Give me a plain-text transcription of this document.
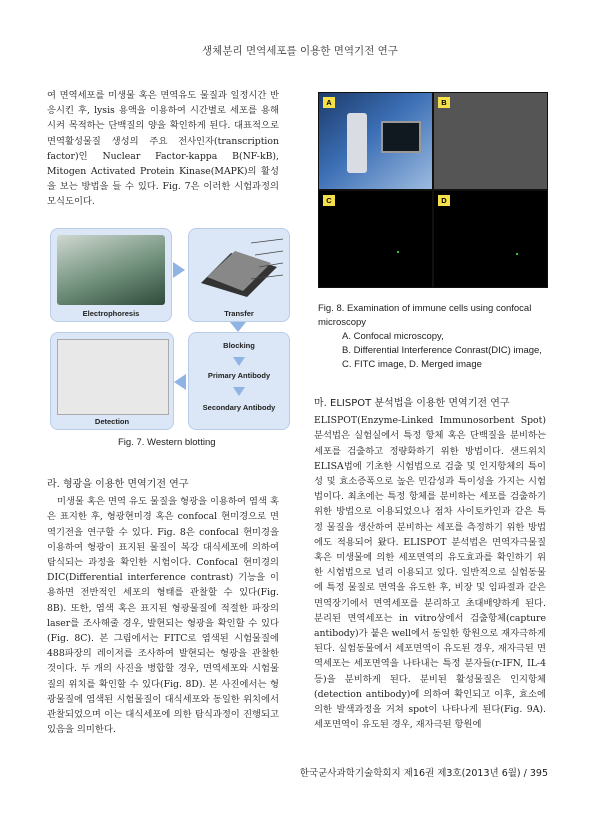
생체분리 면역세포를 이용한 면역기전 연구

여 면역세포를 미생물 혹은 면역유도 물질과 일정시간 반응시킨 후, lysis 용액을 이용하여 시간별로 세포를 용해시켜 목적하는 단백질의 양을 확인하게 된다. 대표적으로 면역활성물질 생성의 주요 전사인자(transcription factor)인 Nuclear Factor-kappa B(NF-kB), Mitogen Activated Protein Kinase(MAPK)의 활성을 보는 방법을 들 수 있다. Fig. 7은 이러한 시험과정의 모식도이다.

Electrophoresis	Transfer
Detection
Blocking
Primary Antibody
Secondary Antibody
Fig. 7. Western blotting

라. 형광을 이용한 면역기전 연구

미생물 혹은 면역 유도 물질을 형광을 이용하여 염색 혹은 표지한 후, 형광현미경 혹은 confocal 현미경으로 면역기전을 연구할 수 있다. Fig. 8은 confocal 현미경을 이용하여 형광이 표지된 물질이 복강 대식세포에 의하여 탐식되는 과정을 확인한 시험이다. Confocal 현미경의 DIC(Differential interference contrast) 기능을 이용하면 전반적인 세포의 형태를 관찰할 수 있다(Fig. 8B). 또한, 염색 혹은 표지된 형광물질에 적절한 파장의 laser를 조사해줄 경우, 발현되는 형광을 확인할 수 있다(Fig. 8C). 본 그림에서는 FITC로 염색된 시험물질에 488파장의 레이저를 조사하여 발현되는 형광을 관찰한 것이다. 두 개의 사진을 병합할 경우, 면역세포와 시험물질의 위치를 확인할 수 있다(Fig. 8D). 본 사진에서는 형광물질에 염색된 시험물질이 대식세포와 동일한 위치에서 관찰되었으며 이는 대식세포에 의한 탐식과정이 진행되고 있음을 의미한다.

A	B
C	D
Fig. 8. Examination of immune cells using confocal microscopy
A. Confocal microscopy,
B. Differential Interference Conrast(DIC) image,
C. FITC image, D. Merged image

마. ELISPOT 분석법을 이용한 면역기전 연구

ELISPOT(Enzyme-Linked Immunosorbent Spot) 분석법은 실험실에서 특정 항체 혹은 단백질을 분비하는 세포를 검출하고 정량화하기 위한 방법이다. 샌드위치 ELISA법에 기초한 시험법으로 검출 및 인지항체의 특이성 및 효소증폭으로 높은 민감성과 특이성을 가지는 시험법이다. 최초에는 특정 항체를 분비하는 세포를 검출하기 위한 방법으로 이용되었으나 점차 사이토카인과 같은 특정 물질을 생산하여 분비하는 세포를 측정하기 위한 방법에도 적용되어 왔다. ELISPOT 분석법은 면역자극물질 혹은 미생물에 의한 세포면역의 유도효과를 확인하기 위한 시험법으로 널리 이용되고 있다. 일반적으로 실험동물에 특정 물질로 면역을 유도한 후, 비장 및 임파절과 같은 면역장기에서 면역세포를 분리하고 초대배양하게 된다. 분리된 면역세포는 in vitro상에서 검출항체(capture antibody)가 붙은 well에서 동일한 항원으로 재자극하게 된다. 실험동물에서 세포면역이 유도된 경우, 재자극된 면역세포는 세포면역을 나타내는 특정 분자들(r-IFN, IL-4 등)을 분비하게 된다. 분비된 활성물질은 인지항체(detection antibody)에 의하여 확인되고 이후, 효소에 의한 발색과정을 거쳐 spot이 나타나게 된다(Fig. 9A). 세포면역이 유도된 경우, 재자극된 항원에

한국군사과학기술학회지 제16권 제3호(2013년 6월) / 395
